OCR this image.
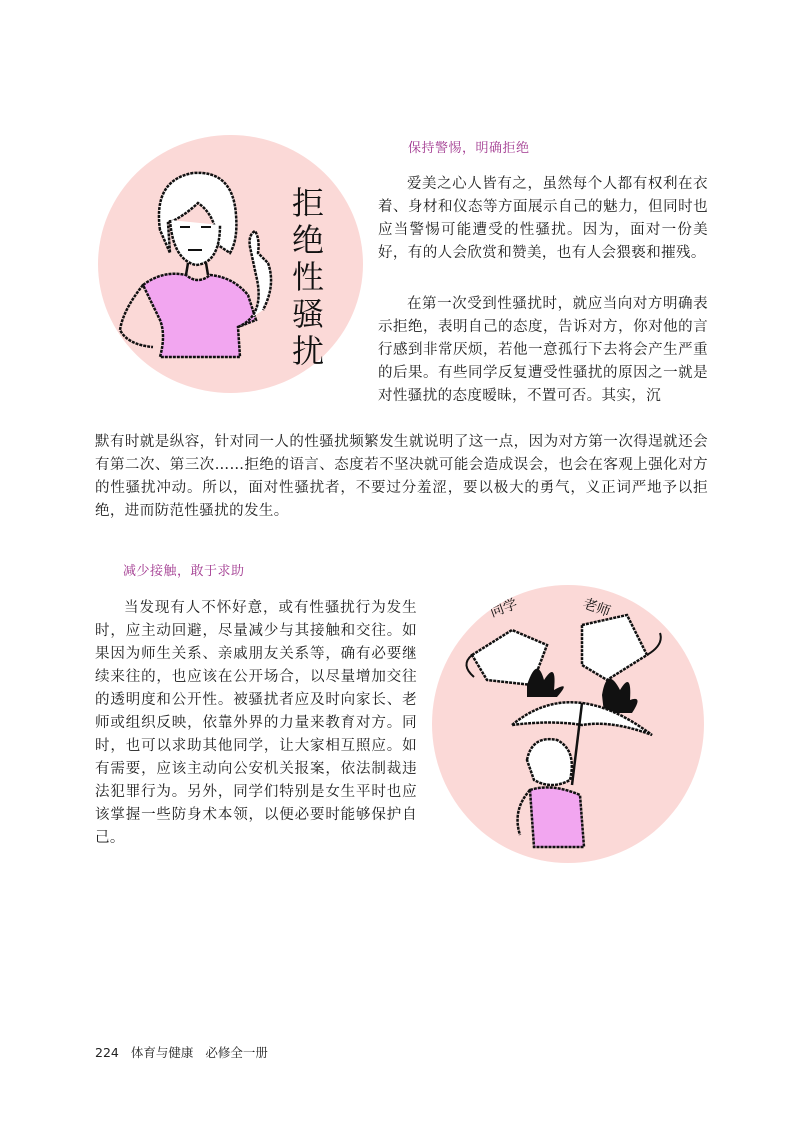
保持警惕，明确拒绝
拒
绝
性
骚
扰

爱美之心人皆有之，虽然每个人都有权利在衣着、身材和仪态等方面展示自己的魅力，但同时也应当警惕可能遭受的性骚扰。因为，面对一份美好，有的人会欣赏和赞美，也有人会猥亵和摧残。

在第一次受到性骚扰时，就应当向对方明确表示拒绝，表明自己的态度，告诉对方，你对他的言行感到非常厌烦，若他一意孤行下去将会产生严重的后果。有些同学反复遭受性骚扰的原因之一就是对性骚扰的态度暧昧，不置可否。其实，沉

默有时就是纵容，针对同一人的性骚扰频繁发生就说明了这一点，因为对方第一次得逞就还会有第二次、第三次……拒绝的语言、态度若不坚决就可能会造成误会，也会在客观上强化对方的性骚扰冲动。所以，面对性骚扰者，不要过分羞涩，要以极大的勇气，义正词严地予以拒绝，进而防范性骚扰的发生。

减少接触，敢于求助

当发现有人不怀好意，或有性骚扰行为发生时，应主动回避，尽量减少与其接触和交往。如果因为师生关系、亲戚朋友关系等，确有必要继续来往的，也应该在公开场合，以尽量增加交往的透明度和公开性。被骚扰者应及时向家长、老师或组织反映，依靠外界的力量来教育对方。同时，也可以求助其他同学，让大家相互照应。如有需要，应该主动向公安机关报案，依法制裁违法犯罪行为。另外，同学们特别是女生平时也应该掌握一些防身术本领，以便必要时能够保护自己。

同学	老师
224 体育与健康 必修全一册
